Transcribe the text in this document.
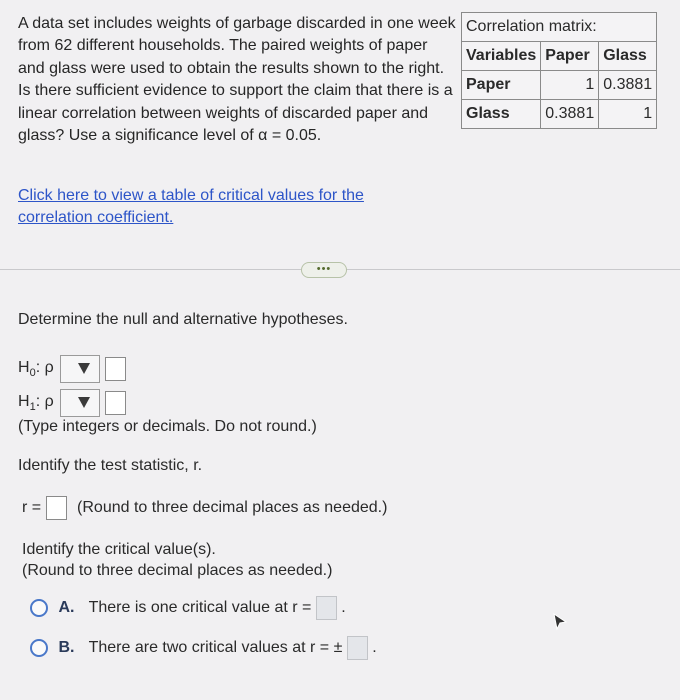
A data set includes weights of garbage discarded in one week from 62 different households. The paired weights of paper and glass were used to obtain the results shown to the right. Is there sufficient evidence to support the claim that there is a linear correlation between weights of discarded paper and glass? Use a significance level of α = 0.05.
Click here to view a table of critical values for the correlation coefficient.
Correlation matrix:		
Variables	Paper	Glass
Paper	1	0.3881
Glass	0.3881	1
•••
Determine the null and alternative hypotheses.
$H_0$: ρ

$H_1$: ρ

(Type integers or decimals. Do not round.)
Identify the test statistic, r.
r = (Round to three decimal places as needed.)
Identify the critical value(s).
(Round to three decimal places as needed.)
A. There is one critical value at r = .
B. There are two critical values at r = ± .
